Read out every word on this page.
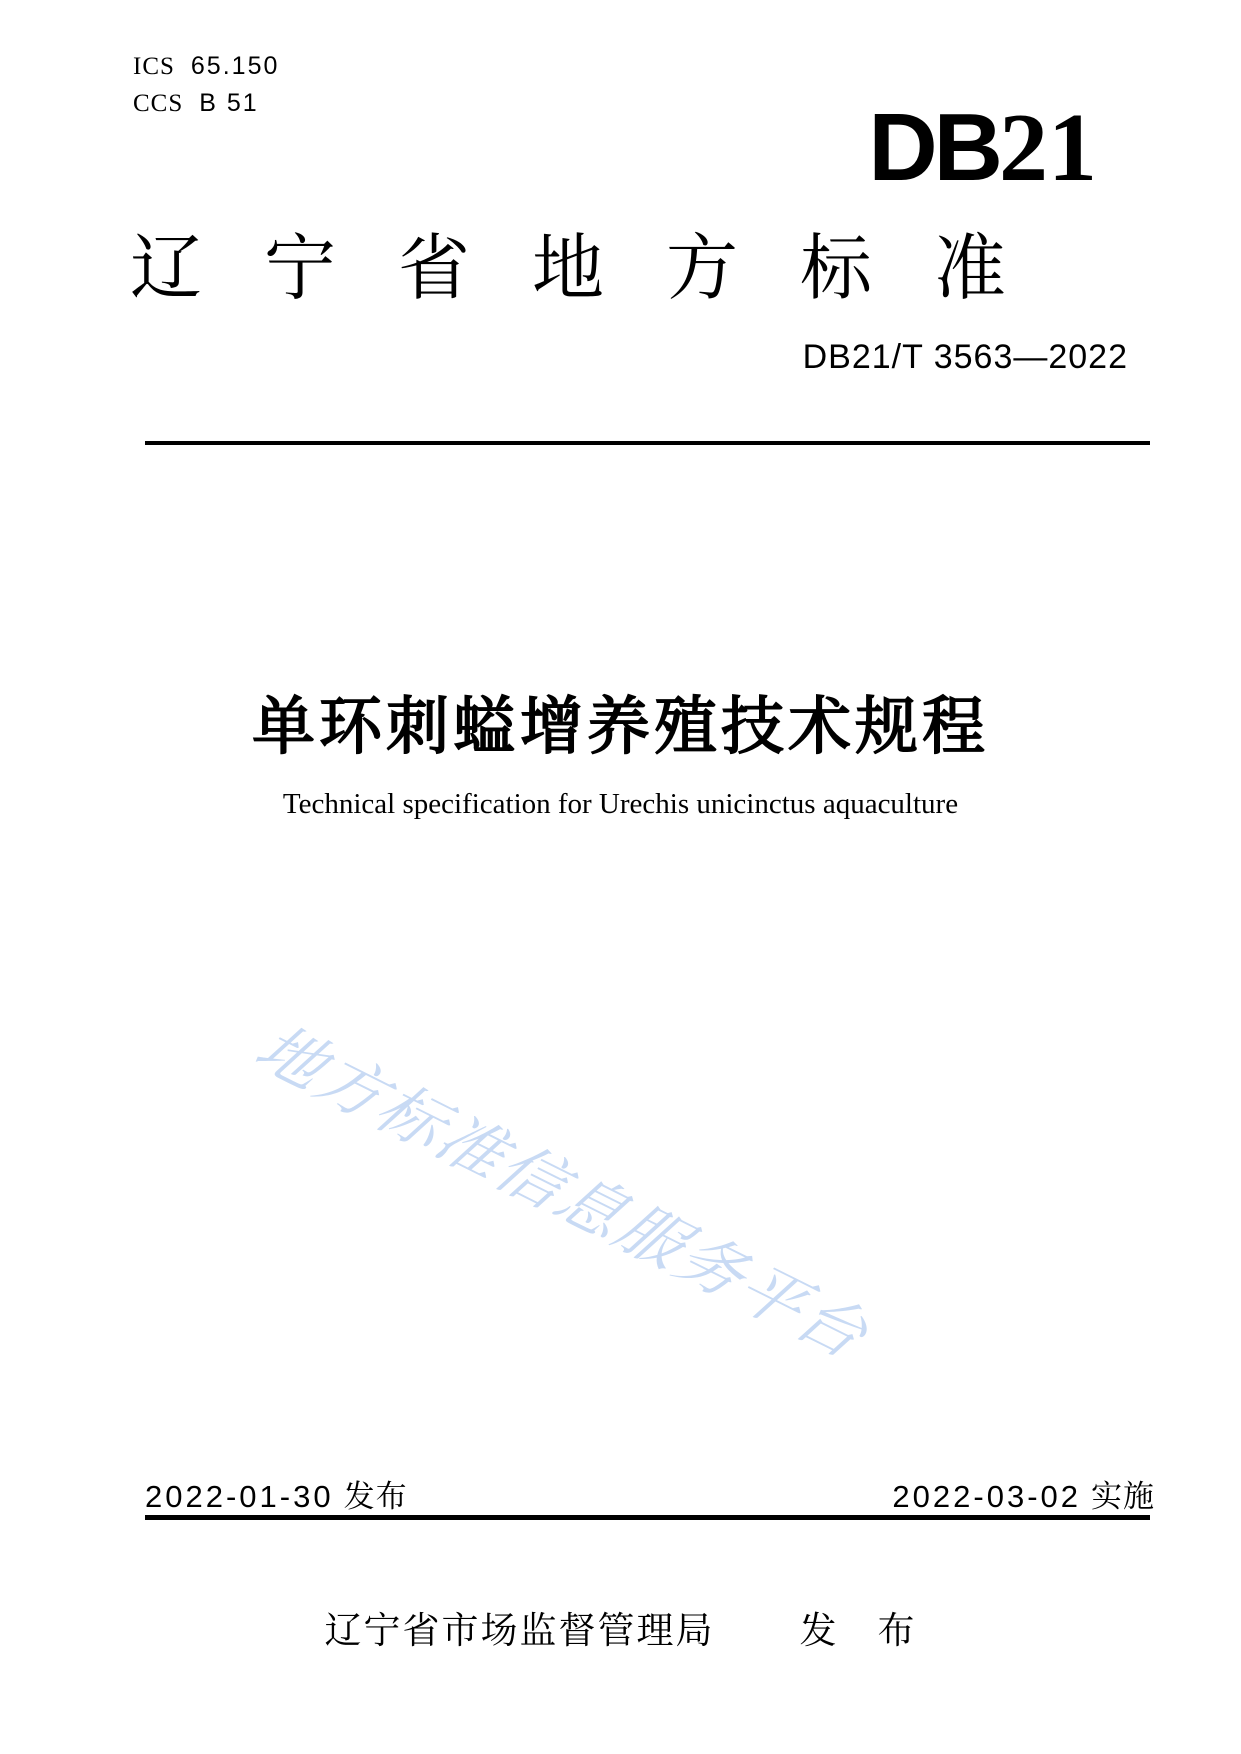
ICS 65.150
CCS B 51	DB21
辽宁省地方标准
DB21/T 3563—2022
单环刺螠增养殖技术规程
Technical specification for Urechis unicinctus aquaculture
地方标准信息服务平台
2022-01-30 发布	2022-03-02 实施
辽宁省市场监督管理局 发　布
